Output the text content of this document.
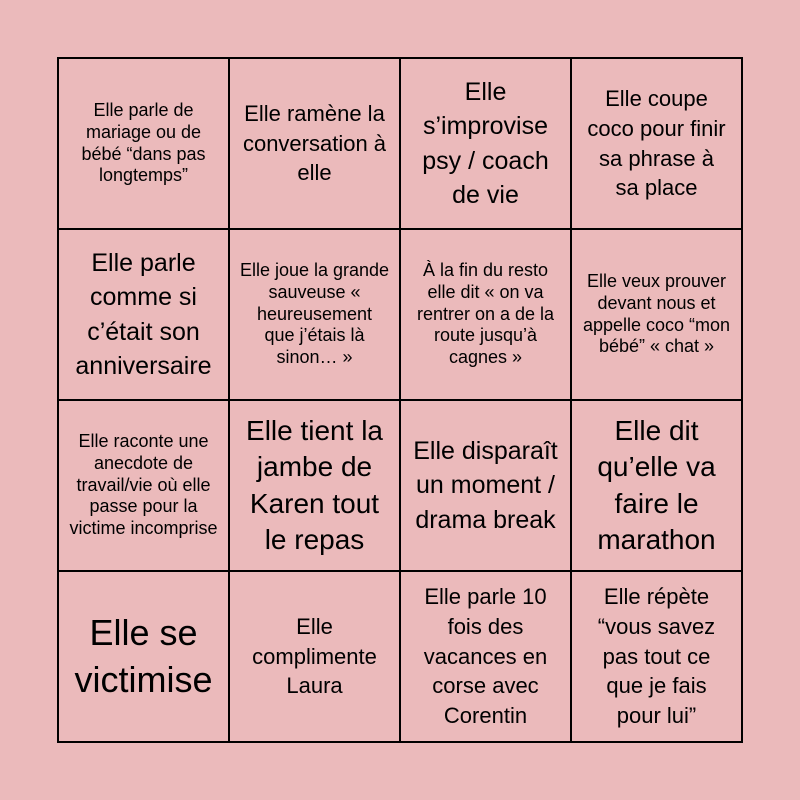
Elle parle de mariage ou de bébé “dans pas longtemps”
Elle ramène la conversation à elle
Elle s’improvise psy / coach de vie
Elle coupe coco pour finir sa phrase à sa place
Elle parle comme si c’était son anniversaire
Elle joue la grande sauveuse « heureusement que j’étais là sinon… »
À la fin du resto elle dit « on va rentrer on a de la route jusqu’à cagnes »
Elle veux prouver devant nous et appelle coco “mon bébé” « chat »
Elle raconte une anecdote de travail/vie où elle passe pour la victime incomprise
Elle tient la jambe de Karen tout le repas
Elle disparaît un moment / drama break
Elle dit qu’elle va faire le marathon
Elle se victimise
Elle complimente Laura
Elle parle 10 fois des vacances en corse avec Corentin
Elle répète “vous savez pas tout ce que je fais pour lui”
